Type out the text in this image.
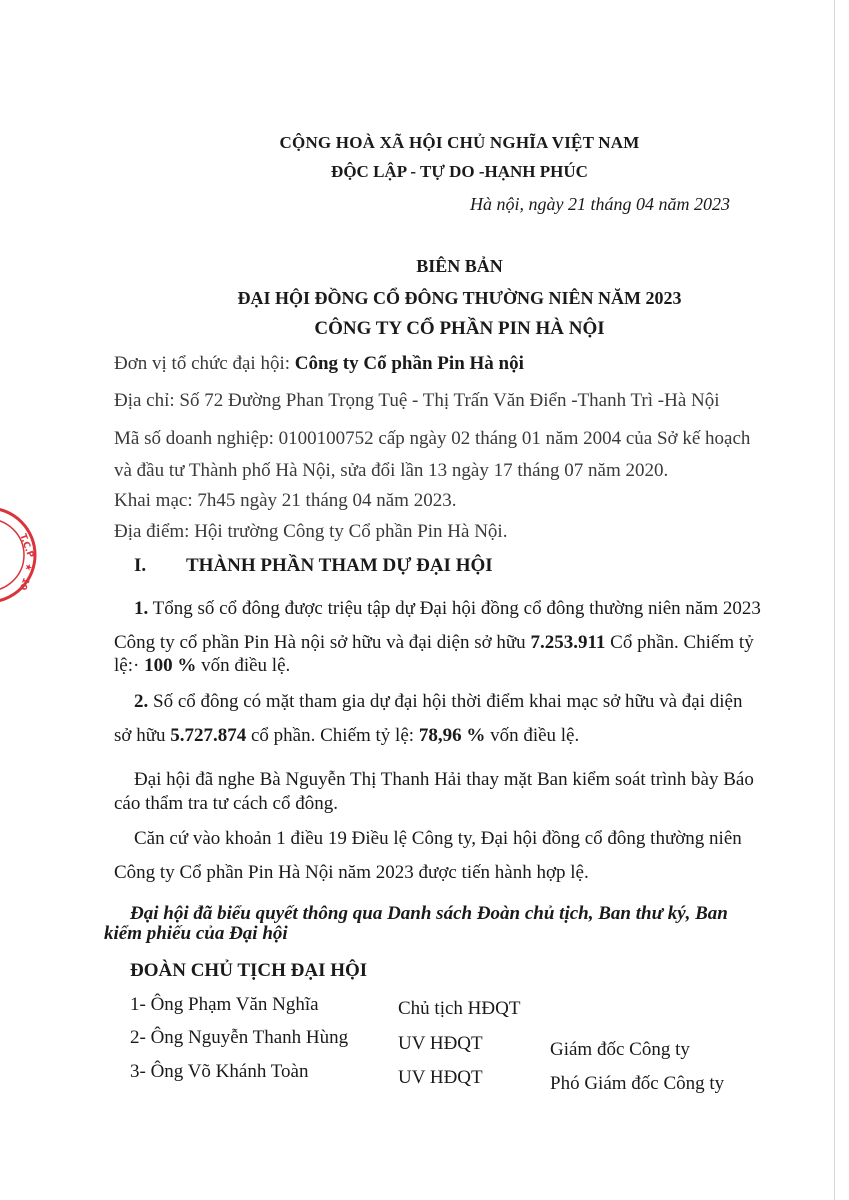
T.C.P
★
10
CỘNG HOÀ XÃ HỘI CHỦ NGHĨA VIỆT NAM
ĐỘC LẬP - TỰ DO -HẠNH PHÚC
Hà nội, ngày 21 tháng 04 năm 2023
BIÊN BẢN
ĐẠI HỘI ĐỒNG CỔ ĐÔNG THƯỜNG NIÊN NĂM 2023
CÔNG TY CỔ PHẦN PIN HÀ NỘI
Đơn vị tổ chức đại hội: Công ty Cổ phần Pin Hà nội
Địa chỉ: Số 72 Đường Phan Trọng Tuệ - Thị Trấn Văn Điển -Thanh Trì -Hà Nội
Mã số doanh nghiệp: 0100100752 cấp ngày 02 tháng 01 năm 2004 của Sở kế hoạch
và đầu tư Thành phố Hà Nội, sửa đổi lần 13 ngày 17 tháng 07 năm 2020.
Khai mạc: 7h45 ngày 21 tháng 04 năm 2023.
Địa điểm: Hội trường Công ty Cổ phần Pin Hà Nội.
I. THÀNH PHẦN THAM DỰ ĐẠI HỘI
1. Tổng số cổ đông được triệu tập dự Đại hội đồng cổ đông thường niên năm 2023
Công ty cổ phần Pin Hà nội sở hữu và đại diện sở hữu 7.253.911 Cổ phần. Chiếm tỷ
lệ:· 100 % vốn điều lệ.
2. Số cổ đông có mặt tham gia dự đại hội thời điểm khai mạc sở hữu và đại diện
sở hữu 5.727.874 cổ phần. Chiếm tỷ lệ: 78,96 % vốn điều lệ.
Đại hội đã nghe Bà Nguyễn Thị Thanh Hải thay mặt Ban kiểm soát trình bày Báo
cáo thẩm tra tư cách cổ đông.
Căn cứ vào khoản 1 điều 19 Điều lệ Công ty, Đại hội đồng cổ đông thường niên
Công ty Cổ phần Pin Hà Nội năm 2023 được tiến hành hợp lệ.
Đại hội đã biểu quyết thông qua Danh sách Đoàn chủ tịch, Ban thư ký, Ban
kiểm phiếu của Đại hội
ĐOÀN CHỦ TỊCH ĐẠI HỘI
1- Ông Phạm Văn Nghĩa	Chủ tịch HĐQT
2- Ông Nguyễn Thanh Hùng	UV HĐQT	Giám đốc Công ty
3- Ông Võ Khánh Toàn	UV HĐQT	Phó Giám đốc Công ty
